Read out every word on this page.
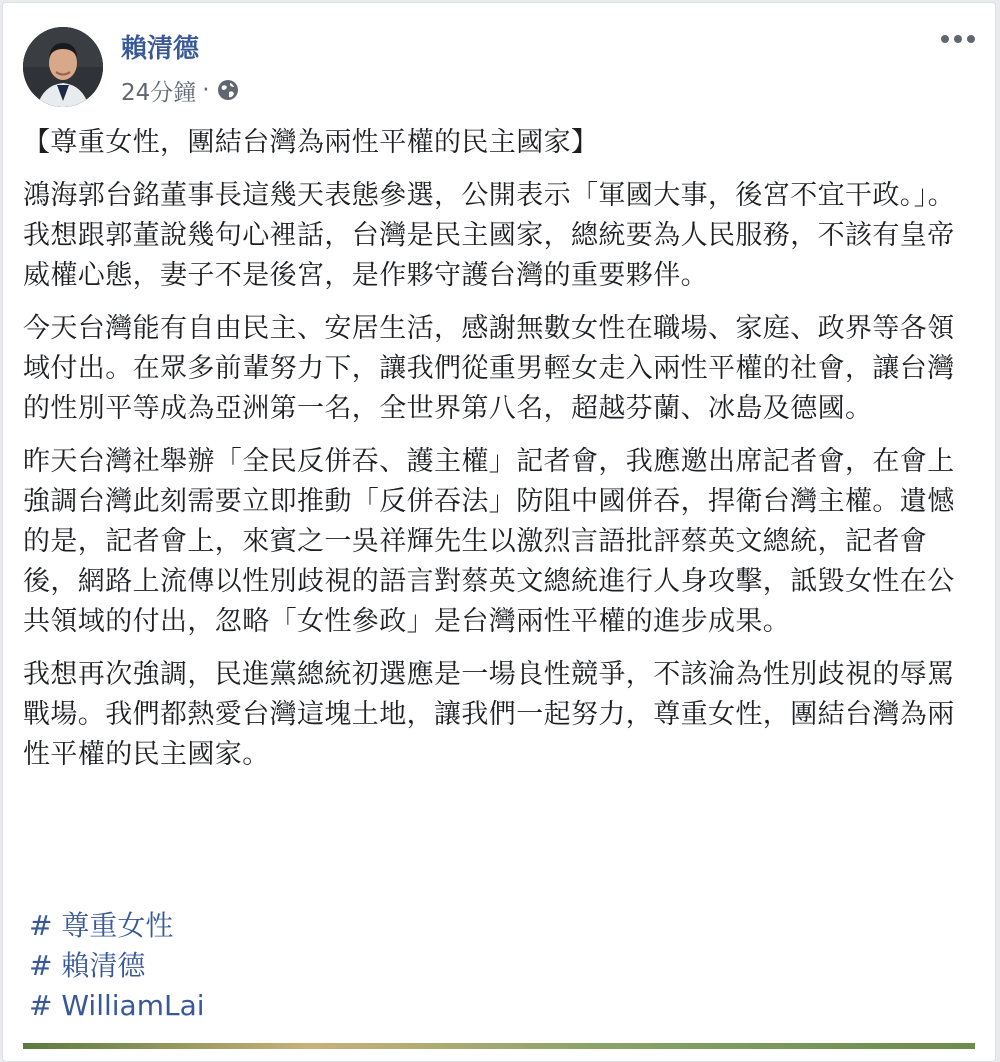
賴清德
24分鐘 ·

【尊重女性，團結台灣為兩性平權的民主國家】

鴻海郭台銘董事長這幾天表態參選，公開表示「軍國大事，後宮不宜干政。」。我想跟郭董說幾句心裡話，台灣是民主國家，總統要為人民服務，不該有皇帝威權心態，妻子不是後宮，是作夥守護台灣的重要夥伴。

今天台灣能有自由民主、安居生活，感謝無數女性在職場、家庭、政界等各領域付出。在眾多前輩努力下，讓我們從重男輕女走入兩性平權的社會，讓台灣的性別平等成為亞洲第一名，全世界第八名，超越芬蘭、冰島及德國。

昨天台灣社舉辦「全民反併吞、護主權」記者會，我應邀出席記者會，在會上強調台灣此刻需要立即推動「反併吞法」防阻中國併吞，捍衛台灣主權。遺憾的是，記者會上，來賓之一吳祥輝先生以激烈言語批評蔡英文總統，記者會後，網路上流傳以性別歧視的語言對蔡英文總統進行人身攻擊，詆毀女性在公共領域的付出，忽略「女性參政」是台灣兩性平權的進步成果。

我想再次強調，民進黨總統初選應是一場良性競爭，不該淪為性別歧視的辱罵戰場。我們都熱愛台灣這塊土地，讓我們一起努力，尊重女性，團結台灣為兩性平權的民主國家。

# 尊重女性
# 賴清德
# WilliamLai
